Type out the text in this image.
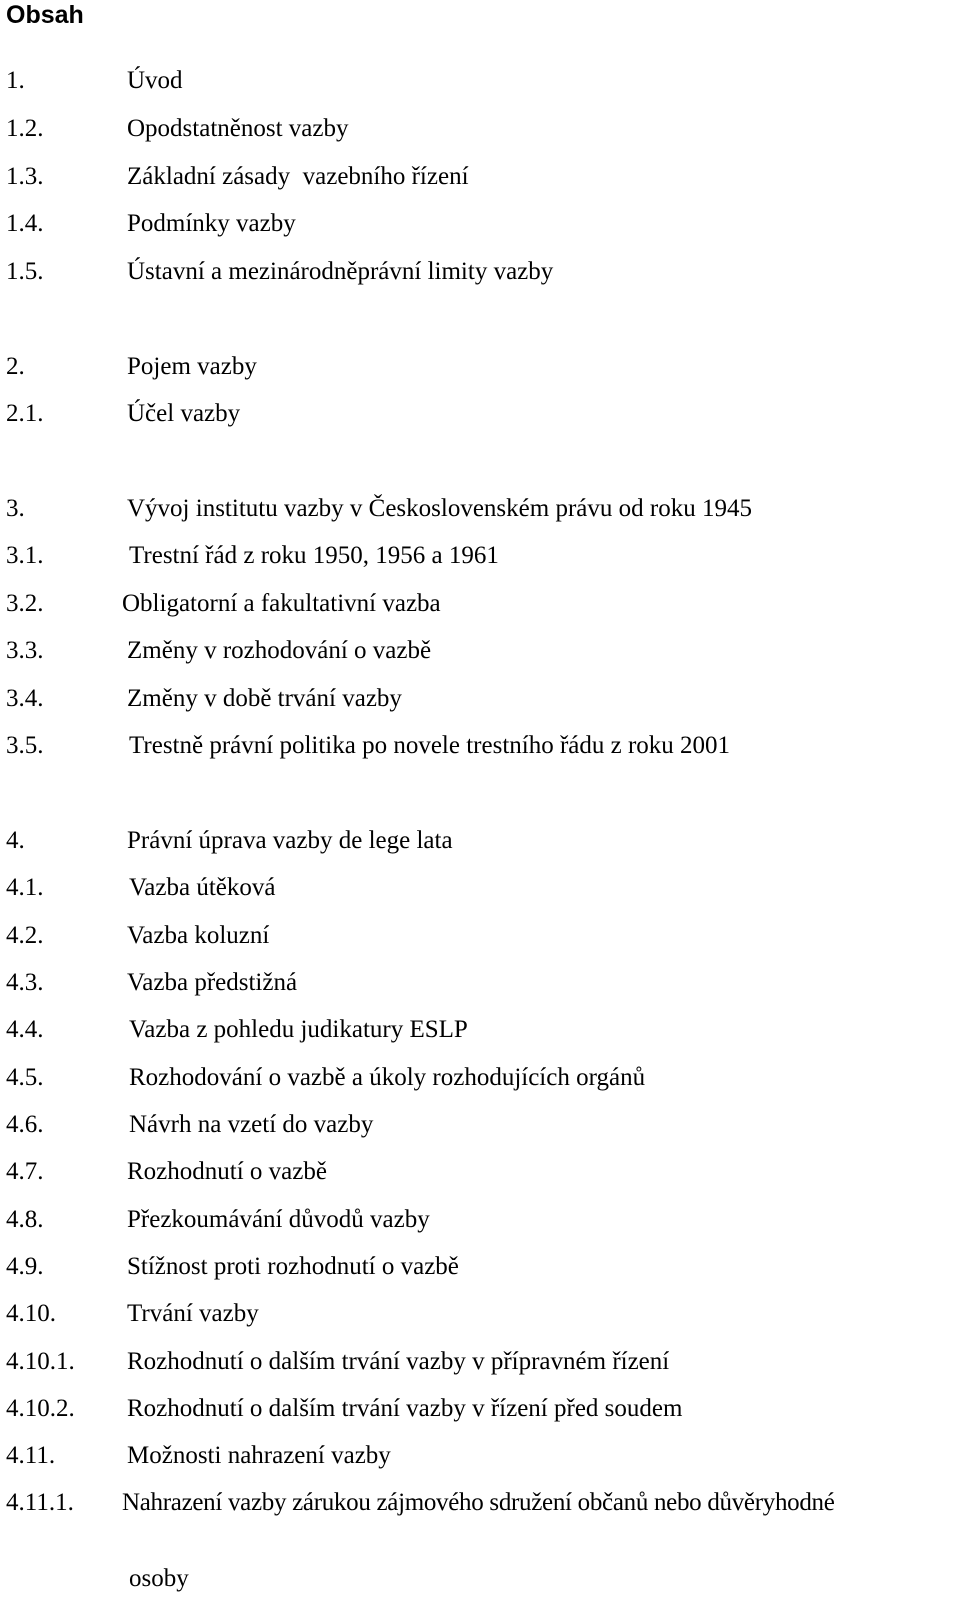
Obsah
1.	Úvod
1.2.	Opodstatněnost vazby
1.3.	Základní zásady  vazebního řízení
1.4.	Podmínky vazby
1.5.	Ústavní a mezinárodněprávní limity vazby
2.	Pojem vazby
2.1.	Účel vazby
3.	Vývoj institutu vazby v Československém právu od roku 1945
3.1.	Trestní řád z roku 1950, 1956 a 1961
3.2.	Obligatorní a fakultativní vazba
3.3.	Změny v rozhodování o vazbě
3.4.	Změny v době trvání vazby
3.5.	Trestně právní politika po novele trestního řádu z roku 2001
4.	Právní úprava vazby de lege lata
4.1.	Vazba útěková
4.2.	Vazba koluzní
4.3.	Vazba předstižná
4.4.	Vazba z pohledu judikatury ESLP
4.5.	Rozhodování o vazbě a úkoly rozhodujících orgánů
4.6.	Návrh na vzetí do vazby
4.7.	Rozhodnutí o vazbě
4.8.	Přezkoumávání důvodů vazby
4.9.	Stížnost proti rozhodnutí o vazbě
4.10.	Trvání vazby
4.10.1. Rozhodnutí o dalším trvání vazby v přípravném řízení
4.10.2. Rozhodnutí o dalším trvání vazby v řízení před soudem
4.11.	Možnosti nahrazení vazby
4.11.1. Nahrazení vazby zárukou zájmového sdružení občanů nebo důvěryhodné
osoby
